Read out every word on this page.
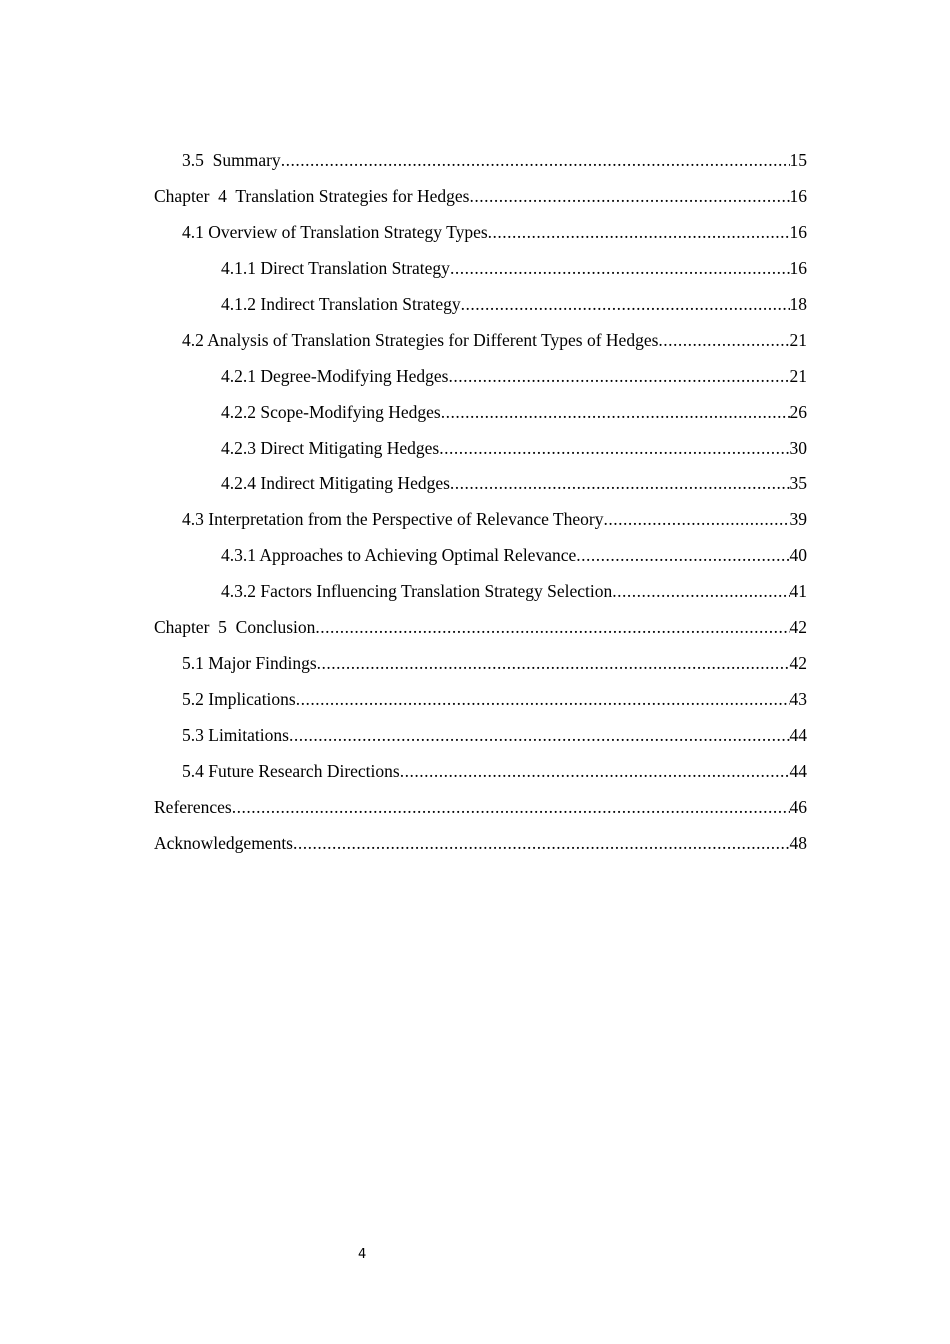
3.5  Summary .....	15
Chapter  4  Translation Strategies for Hedges .....	16
4.1 Overview of Translation Strategy Types .....	16
4.1.1 Direct Translation Strategy .....	16
4.1.2 Indirect Translation Strategy .....	18
4.2 Analysis of Translation Strategies for Different Types of Hedges .....	21
4.2.1 Degree-Modifying Hedges .....	21
4.2.2 Scope-Modifying Hedges .....	26
4.2.3 Direct Mitigating Hedges .....	30
4.2.4 Indirect Mitigating Hedges .....	35
4.3 Interpretation from the Perspective of Relevance Theory .....	39
4.3.1 Approaches to Achieving Optimal Relevance .....	40
4.3.2 Factors Influencing Translation Strategy Selection .....	41
Chapter  5  Conclusion .....	42
5.1 Major Findings .....	42
5.2 Implications .....	43
5.3 Limitations .....	44
5.4 Future Research Directions .....	44
References .....	46
Acknowledgements .....	48
4
